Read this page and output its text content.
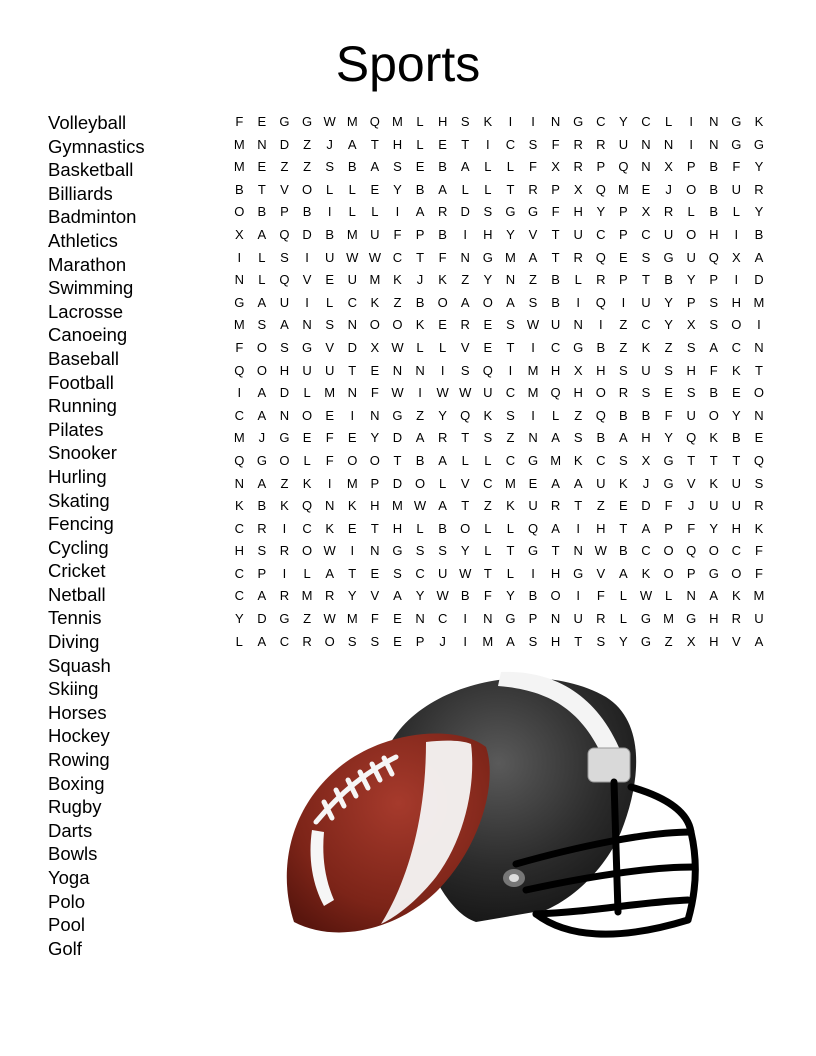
Sports
Volleyball
Gymnastics
Basketball
Billiards
Badminton
Athletics
Marathon
Swimming
Lacrosse
Canoeing
Baseball
Football
Running
Pilates
Snooker
Hurling
Skating
Fencing
Cycling
Cricket
Netball
Tennis
Diving
Squash
Skiing
Horses
Hockey
Rowing
Boxing
Rugby
Darts
Bowls
Yoga
Polo
Pool
Golf
F	E	G G W M Q M	L	H	S	K	I	I	N G C	Y	C	L	I	N G	K
M N	D	Z	J	A	T	H	L	E	T	I	C	S	F	R	R	U	N	N	I	N G G
M E	Z	Z	S	B	A	S	E	B	A	L	L	F	X	R	P	Q N	X	P	B	F	Y
B	T	V	O	L	L	E	Y	B	A	L	L	T	R	P	X	Q M E	J	O	B	U	R
O	B	P	B	I	L	L	I	A	R	D	S	G G	F	H	Y	P	X	R	L	B	L	Y
X	A	Q D	B M U	F	P	B	I	H	Y	V	T	U	C	P	C	U O H	I	B
I	L	S	I	U W W C	T	F	N G M A	T	R Q	E	S	G U Q	X	A
N	L	Q	V	E	U M K	J	K	Z	Y	N	Z	B	L	R	P	T	B	Y	P	I	D
G	A	U	I	L	C	K	Z	B	O	A	O	A	S	B	I	Q	I	U	Y	P	S	H M
M S	A	N	S	N O O	K	E	R	E	S W U	N	I	Z	C	Y	X	S	O	I
F	O	S	G	V	D	X W L	L	V	E	T	I	C G	B	Z	K	Z	S	A	C	N
Q O H	U	U	T	E	N	N	I	S	Q	I	M H	X	H	S	U	S	H	F	K	T
I	A	D	L	M N	F W	I	W W U	C M Q H O R	S	E	S	B	E	O
C	A	N O	E	I	N G	Z	Y	Q	K	S	I	L	Z	Q	B	B	F	U O	Y	N
M	J	G	E	F	E	Y	D	A	R	T	S	Z	N	A	S	B	A	H	Y	Q	K	B	E
Q G O	L	F	O O	T	B	A	L	L	C G M K	C	S	X	G	T	T	T	Q
N	A	Z	K	I	M P	D O	L	V	C M E	A	A	U	K	J	G	V	K	U	S
K	B	K	Q N	K	H M W A	T	Z	K	U	R	T	Z	E	D	F	J	U	U	R
C	R	I	C	K	E	T	H	L	B	O	L	L	Q	A	I	H	T	A	P	F	Y	H	K
H	S	R O W	I	N G	S	S	Y	L	T	G	T	N W B	C O Q O C	F
C	P	I	L	A	T	E	S	C	U W T	L	I	H G	V	A	K	O	P	G O	F
C	A	R M R	Y	V	A	Y W B	F	Y	B	O	I	F	L W L	N	A	K M
Y	D G	Z W M	F	E	N	C	I	N G	P	N	U	R	L	G M G H	R	U
L	A	C	R O	S	S	E	P	J	I	M A	S	H	T	S	Y	G	Z	X	H	V	A
